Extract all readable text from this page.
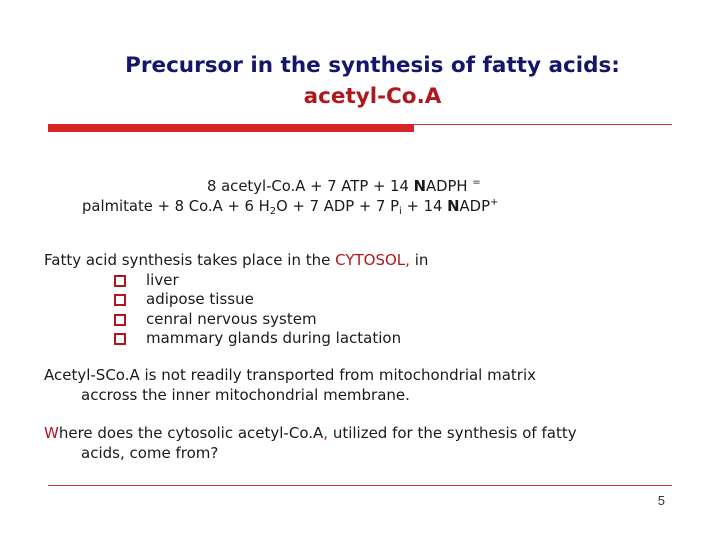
Precursor in the synthesis of fatty acids:
acetyl-Co.A
8 acetyl-Co.A + 7 ATP + 14 NADPH =
palmitate + 8 Co.A + 6 $H_2O + 7$ ADP + 7 $P_i + 14$ NADP+
Fatty acid synthesis takes place in the CYTOSOL, in
liver
adipose tissue
cenral nervous system
mammary glands during lactation
Acetyl-SCo.A is not readily transported from mitochondrial matrix
accross the inner mitochondrial membrane.
Where does the cytosolic acetyl-Co.A, utilized for the synthesis of fatty
acids, come from?
5
